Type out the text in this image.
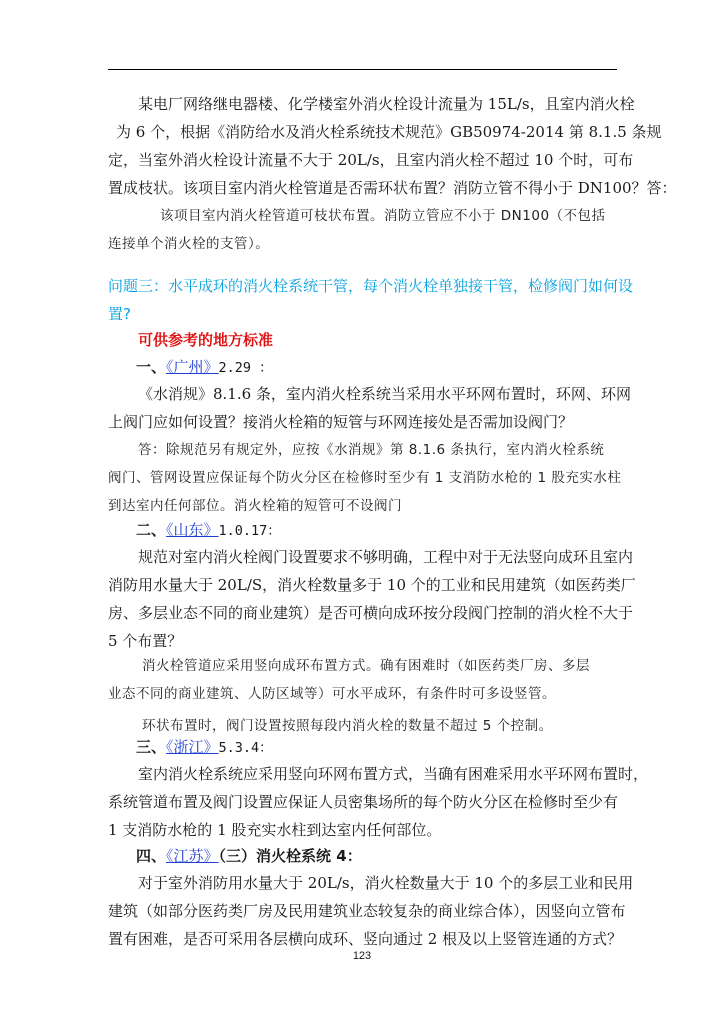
某电厂网络继电器楼、化学楼室外消火栓设计流量为 15L/s，且室内消火栓
为 6 个，根据《消防给水及消火栓系统技术规范》GB50974-2014 第 8.1.5 条规
定，当室外消火栓设计流量不大于 20L/s，且室内消火栓不超过 10 个时，可布
置成枝状。该项目室内消火栓管道是否需环状布置？消防立管不得小于 DN100？答：
该项目室内消火栓管道可枝状布置。消防立管应不小于 DN100（不包括
连接单个消火栓的支管）。
问题三：水平成环的消火栓系统干管，每个消火栓单独接干管，检修阀门如何设
置?
可供参考的地方标准
一、《广州》2.29 ：
《水消规》8.1.6 条，室内消火栓系统当采用水平环网布置时，环网、环网
上阀门应如何设置？接消火栓箱的短管与环网连接处是否需加设阀门？
答：除规范另有规定外，应按《水消规》第 8.1.6 条执行，室内消火栓系统
阀门、管网设置应保证每个防火分区在检修时至少有 1 支消防水枪的 1 股充实水柱
到达室内任何部位。消火栓箱的短管可不设阀门
二、《山东》1.0.17：
规范对室内消火栓阀门设置要求不够明确，工程中对于无法竖向成环且室内
消防用水量大于 20L/S，消火栓数量多于 10 个的工业和民用建筑（如医药类厂
房、多层业态不同的商业建筑）是否可横向成环按分段阀门控制的消火栓不大于
5 个布置？
消火栓管道应采用竖向成环布置方式。确有困难时（如医药类厂房、多层
业态不同的商业建筑、人防区域等）可水平成环，有条件时可多设竖管。
环状布置时，阀门设置按照每段内消火栓的数量不超过 5 个控制。
三、《浙江》5.3.4：
室内消火栓系统应采用竖向环网布置方式，当确有困难采用水平环网布置时，
系统管道布置及阀门设置应保证人员密集场所的每个防火分区在检修时至少有
1 支消防水枪的 1 股充实水柱到达室内任何部位。
四、《江苏》（三）消火栓系统 4：
对于室外消防用水量大于 20L/s，消火栓数量大于 10 个的多层工业和民用
建筑（如部分医药类厂房及民用建筑业态较复杂的商业综合体），因竖向立管布
置有困难，是否可采用各层横向成环、竖向通过 2 根及以上竖管连通的方式？
123
